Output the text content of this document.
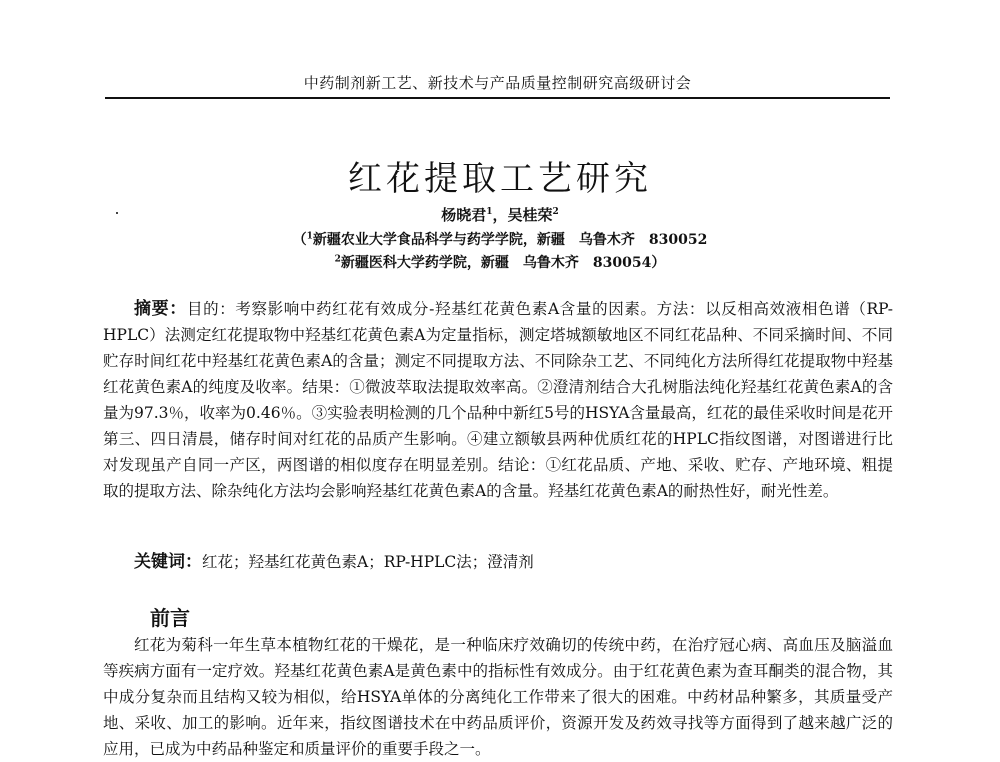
中药制剂新工艺、新技术与产品质量控制研究高级研讨会
红花提取工艺研究
杨晓君$^1$，吴桂荣$^2$
（$^1$新疆农业大学食品科学与药学学院，新疆　乌鲁木齐　830052
$^2$新疆医科大学药学院，新疆　乌鲁木齐　830054）

摘要：目的：考察影响中药红花有效成分-羟基红花黄色素A含量的因素。方法：以反相高效液相色谱（RP-HPLC）法测定红花提取物中羟基红花黄色素A为定量指标，测定塔城额敏地区不同红花品种、不同采摘时间、不同贮存时间红花中羟基红花黄色素A的含量；测定不同提取方法、不同除杂工艺、不同纯化方法所得红花提取物中羟基红花黄色素A的纯度及收率。结果：①微波萃取法提取效率高。②澄清剂结合大孔树脂法纯化羟基红花黄色素A的含量为97.3％，收率为0.46％。③实验表明检测的几个品种中新红5号的HSYA含量最高，红花的最佳采收时间是花开第三、四日清晨，储存时间对红花的品质产生影响。④建立额敏县两种优质红花的HPLC指纹图谱，对图谱进行比对发现虽产自同一产区，两图谱的相似度存在明显差别。结论：①红花品质、产地、采收、贮存、产地环境、粗提取的提取方法、除杂纯化方法均会影响羟基红花黄色素A的含量。羟基红花黄色素A的耐热性好，耐光性差。

关键词：红花；羟基红花黄色素A；RP-HPLC法；澄清剂

前言

红花为菊科一年生草本植物红花的干燥花，是一种临床疗效确切的传统中药，在治疗冠心病、高血压及脑溢血等疾病方面有一定疗效。羟基红花黄色素A是黄色素中的指标性有效成分。由于红花黄色素为查耳酮类的混合物，其中成分复杂而且结构又较为相似，给HSYA单体的分离纯化工作带来了很大的困难。中药材品种繁多，其质量受产地、采收、加工的影响。近年来，指纹图谱技术在中药品质评价，资源开发及药效寻找等方面得到了越来越广泛的应用，已成为中药品种鉴定和质量评价的重要手段之一。
